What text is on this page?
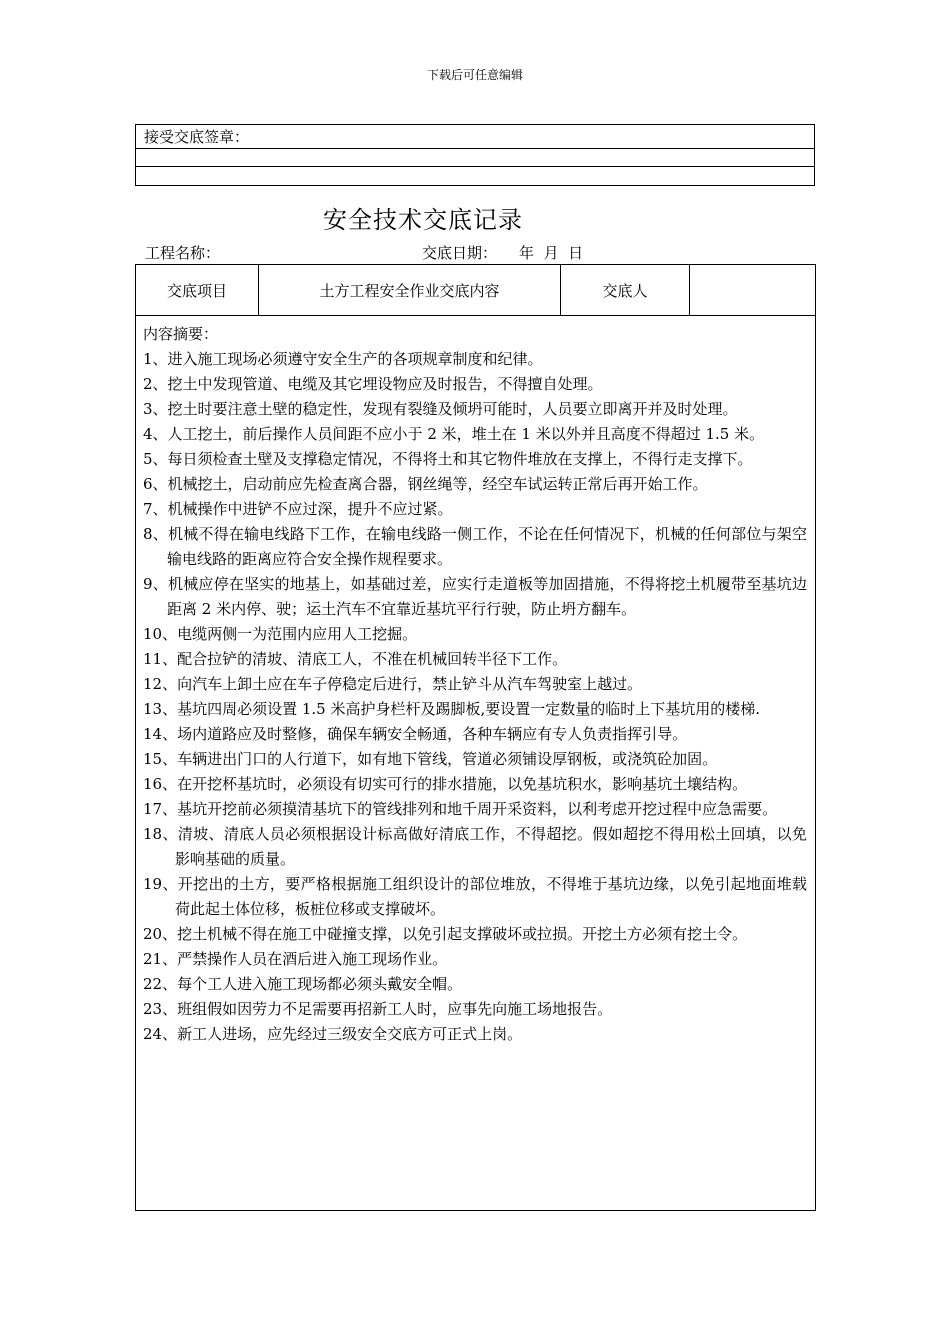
下载后可任意编辑
接受交底签章：

安全技术交底记录
工程名称：	交底日期： 年 月 日
交底项目	土方工程安全作业交底内容	交底人	

内容摘要：
1、进入施工现场必须遵守安全生产的各项规章制度和纪律。
2、挖土中发现管道、电缆及其它埋设物应及时报告，不得擅自处理。
3、挖土时要注意土壁的稳定性，发现有裂缝及倾坍可能时，人员要立即离开并及时处理。
4、人工挖土，前后操作人员间距不应小于 2 米，堆土在 1 米以外并且高度不得超过 1.5 米。
5、每日须检查土壁及支撑稳定情况，不得将土和其它物件堆放在支撑上，不得行走支撑下。
6、机械挖土，启动前应先检查离合器，钢丝绳等，经空车试运转正常后再开始工作。
7、机械操作中进铲不应过深，提升不应过紧。
8、机械不得在输电线路下工作，在输电线路一侧工作，不论在任何情况下，机械的任何部位与架空输电线路的距离应符合安全操作规程要求。
9、机械应停在坚实的地基上，如基础过差，应实行走道板等加固措施，不得将挖土机履带至基坑边距离 2 米内停、驶；运土汽车不宜靠近基坑平行行驶，防止坍方翻车。
10、电缆两侧一为范围内应用人工挖掘。
11、配合拉铲的清坡、清底工人，不准在机械回转半径下工作。
12、向汽车上卸土应在车子停稳定后进行，禁止铲斗从汽车驾驶室上越过。
13、基坑四周必须设置 1.5 米高护身栏杆及踢脚板,要设置一定数量的临时上下基坑用的楼梯.
14、场内道路应及时整修，确保车辆安全畅通，各种车辆应有专人负责指挥引导。
15、车辆进出门口的人行道下，如有地下管线，管道必须铺设厚钢板，或浇筑砼加固。
16、在开挖杯基坑时，必须设有切实可行的排水措施，以免基坑积水，影响基坑土壤结构。
17、基坑开挖前必须摸清基坑下的管线排列和地千周开采资料，以利考虑开挖过程中应急需要。
18、清坡、清底人员必须根据设计标高做好清底工作，不得超挖。假如超挖不得用松土回填，以免影响基础的质量。
19、开挖出的土方，要严格根据施工组织设计的部位堆放，不得堆于基坑边缘，以免引起地面堆载荷此起土体位移，板桩位移或支撑破坏。
20、挖土机械不得在施工中碰撞支撑，以免引起支撑破坏或拉损。开挖土方必须有挖土令。
21、严禁操作人员在酒后进入施工现场作业。
22、每个工人进入施工现场都必须头戴安全帽。
23、班组假如因劳力不足需要再招新工人时，应事先向施工场地报告。
24、新工人进场，应先经过三级安全交底方可正式上岗。
